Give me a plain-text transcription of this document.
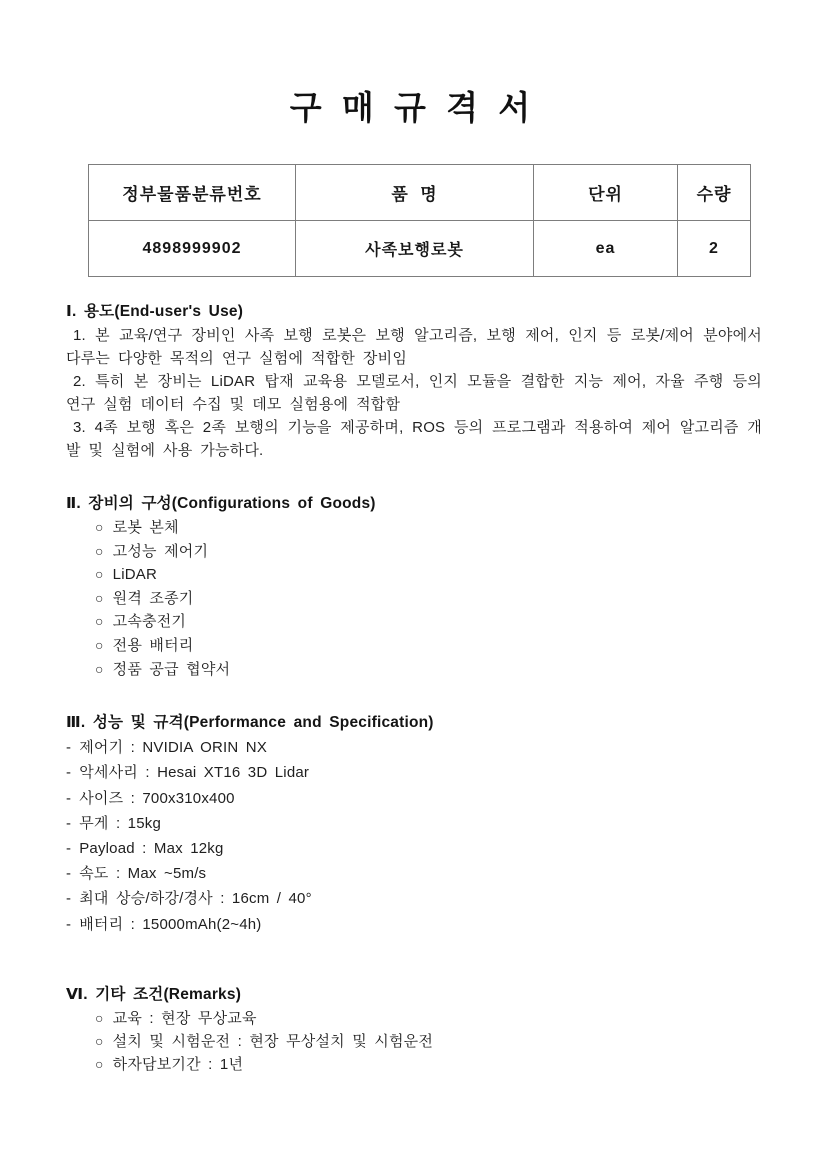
구 매 규 격 서
정부물품분류번호	품  명	단위	수량
4898999902	사족보행로봇	ea	2
Ⅰ. 용도(End-user's Use)

1. 본 교육/연구 장비인 사족 보행 로봇은 보행 알고리즘, 보행 제어, 인지 등 로봇/제어 분야에서 다루는 다양한 목적의 연구 실험에 적합한 장비임

2. 특히 본 장비는 LiDAR 탑재 교육용 모델로서, 인지 모듈을 결합한 지능 제어, 자율 주행 등의 연구 실험 데이터 수집 및 데모 실험용에 적합함

3. 4족 보행 혹은 2족 보행의 기능을 제공하며, ROS 등의 프로그램과 적용하여 제어 알고리즘 개발 및 실험에 사용 가능하다.

Ⅱ. 장비의 구성(Configurations of Goods)
○ 로봇 본체
○ 고성능 제어기
○ LiDAR
○ 원격 조종기
○ 고속충전기
○ 전용 배터리
○ 정품 공급 협약서
Ⅲ. 성능 및 규격(Performance and Specification)
- 제어기 : NVIDIA ORIN NX
- 악세사리 : Hesai XT16 3D Lidar
- 사이즈 : 700x310x400
- 무게 : 15kg
- Payload : Max 12kg
- 속도 : Max ~5m/s
- 최대 상승/하강/경사 : 16cm / 40°
- 배터리 : 15000mAh(2~4h)
Ⅵ. 기타 조건(Remarks)
○ 교육 : 현장 무상교육
○ 설치 및 시험운전 : 현장 무상설치 및 시험운전
○ 하자담보기간 : 1년
